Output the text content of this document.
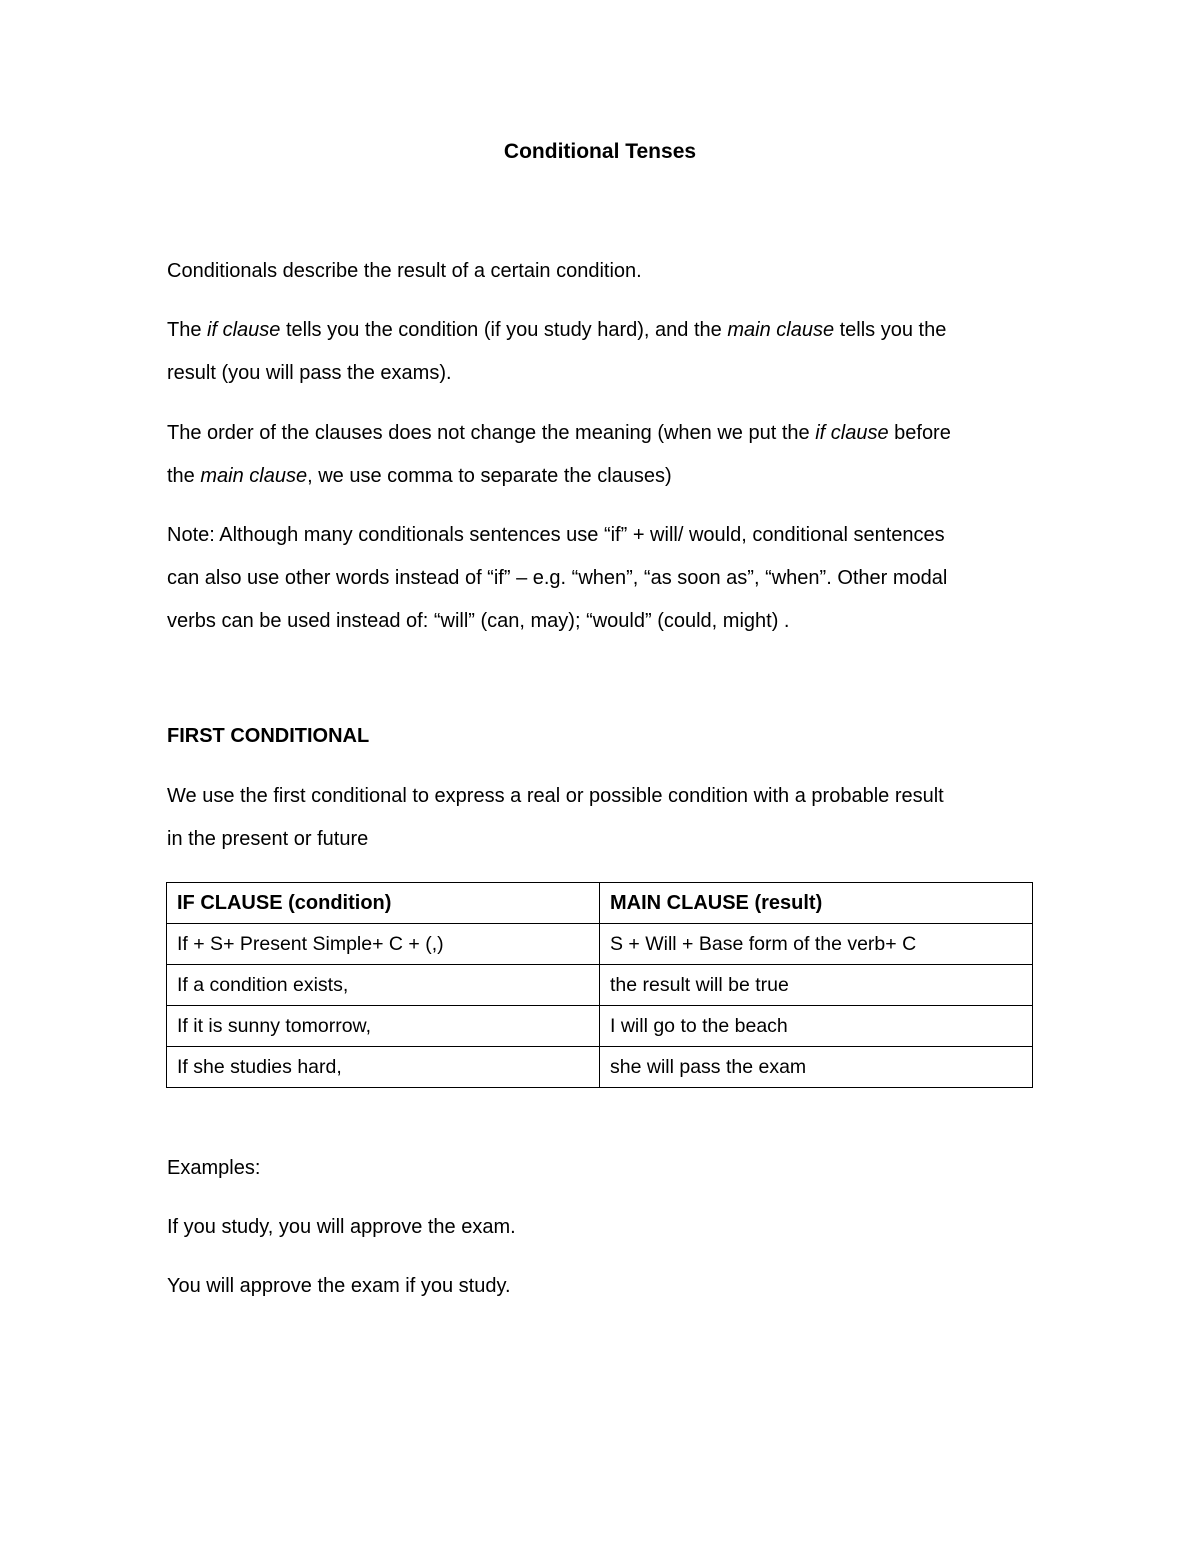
Conditional Tenses

Conditionals describe the result of a certain condition.

The if clause tells you the condition (if you study hard), and the main clause tells you the
result (you will pass the exams).

The order of the clauses does not change the meaning (when we put the if clause before
the main clause, we use comma to separate the clauses)

Note: Although many conditionals sentences use “if” + will/ would, conditional sentences
can also use other words instead of “if” – e.g. “when”, “as soon as”, “when”. Other modal
verbs can be used instead of: “will” (can, may); “would” (could, might) .

FIRST CONDITIONAL

We use the first conditional to express a real or possible condition with a probable result
in the present or future

IF CLAUSE (condition)	MAIN CLAUSE (result)
If + S+ Present Simple+ C + (,)	S + Will + Base form of the verb+ C
If a condition exists,	the result will be true
If it is sunny tomorrow,	I will go to the beach
If she studies hard,	she will pass the exam

Examples:

If you study, you will approve the exam.

You will approve the exam if you study.
